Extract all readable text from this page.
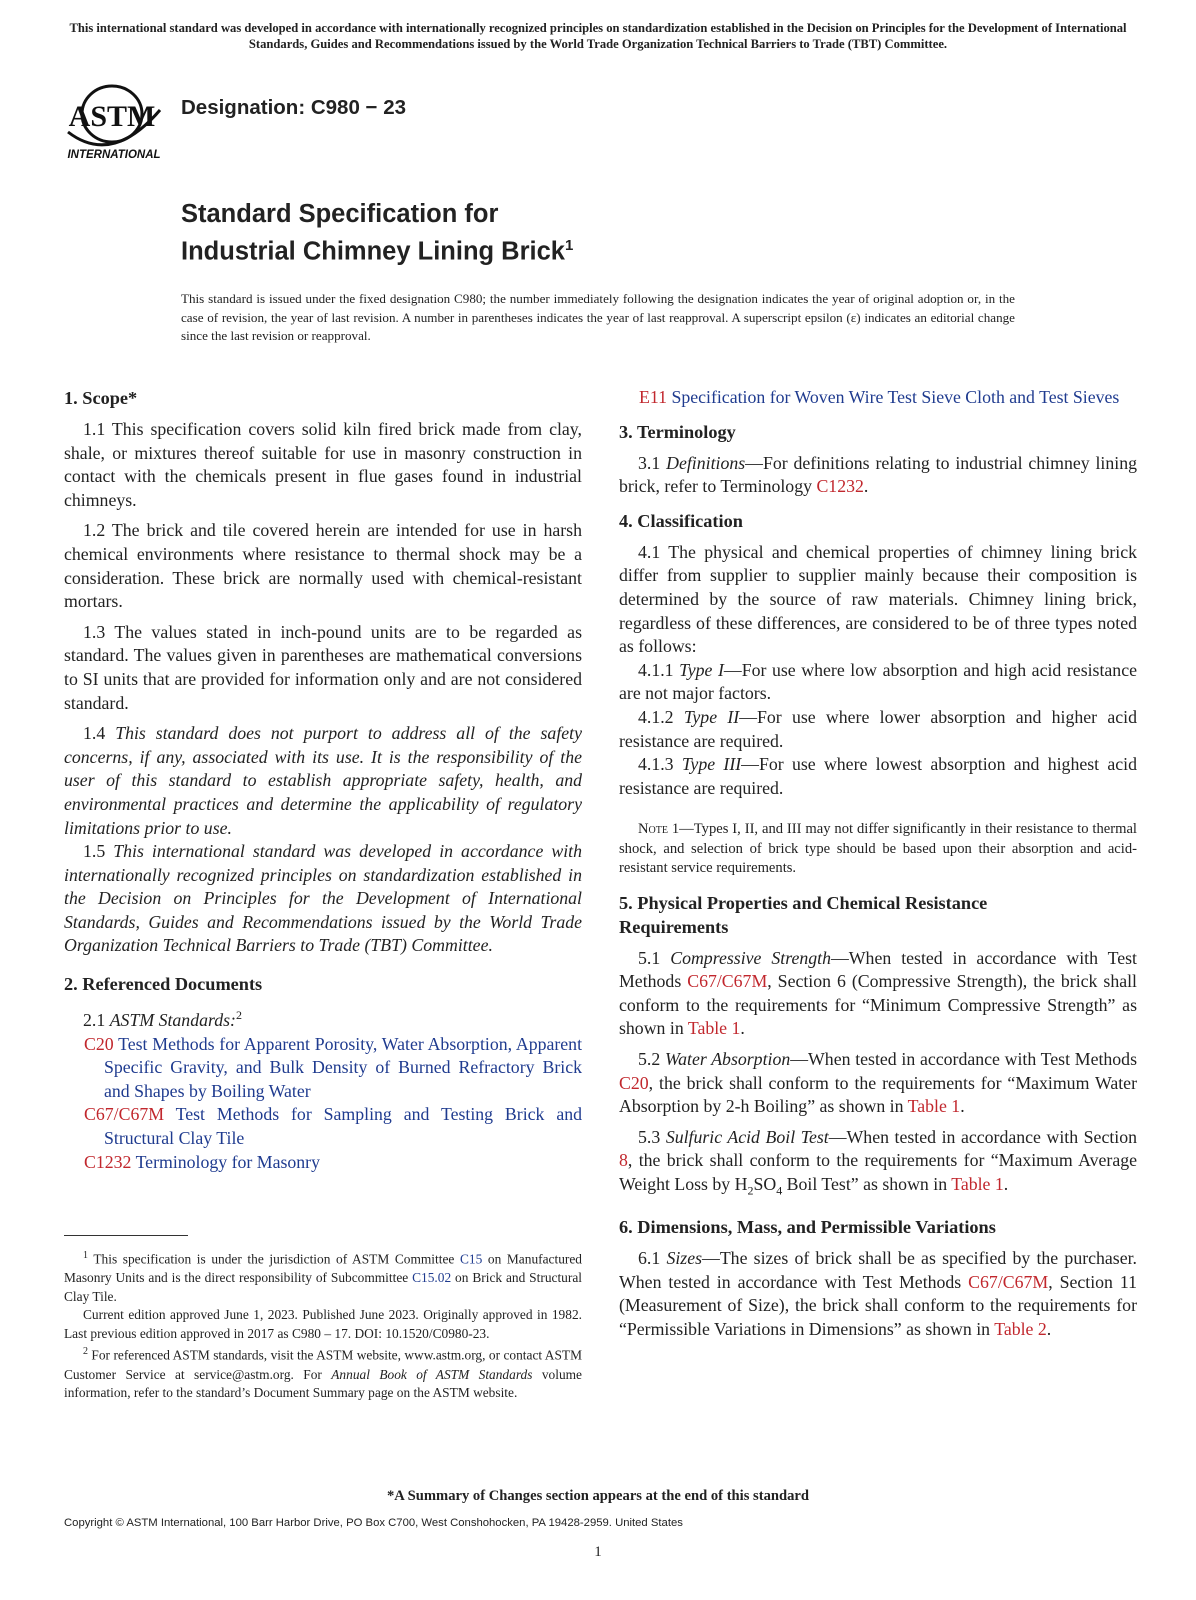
This international standard was developed in accordance with internationally recognized principles on standardization established in the Decision on Principles for the Development of International Standards, Guides and Recommendations issued by the World Trade Organization Technical Barriers to Trade (TBT) Committee.
ASTM
INTERNATIONAL
Designation: C980 − 23
Standard Specification for
Industrial Chimney Lining Brick$^1$
This standard is issued under the fixed designation C980; the number immediately following the designation indicates the year of original adoption or, in the case of revision, the year of last revision. A number in parentheses indicates the year of last reapproval. A superscript epsilon (ε) indicates an editorial change since the last revision or reapproval.
1. Scope*

1.1 This specification covers solid kiln fired brick made from clay, shale, or mixtures thereof suitable for use in masonry construction in contact with the chemicals present in flue gases found in industrial chimneys.

1.2 The brick and tile covered herein are intended for use in harsh chemical environments where resistance to thermal shock may be a consideration. These brick are normally used with chemical-resistant mortars.

1.3 The values stated in inch-pound units are to be regarded as standard. The values given in parentheses are mathematical conversions to SI units that are provided for information only and are not considered standard.

1.4 This standard does not purport to address all of the safety concerns, if any, associated with its use. It is the responsibility of the user of this standard to establish appropriate safety, health, and environmental practices and determine the applicability of regulatory limitations prior to use.

1.5 This international standard was developed in accordance with internationally recognized principles on standardization established in the Decision on Principles for the Development of International Standards, Guides and Recommendations issued by the World Trade Organization Technical Barriers to Trade (TBT) Committee.

2. Referenced Documents

2.1 ASTM Standards:$^2$

C20 Test Methods for Apparent Porosity, Water Absorption, Apparent Specific Gravity, and Bulk Density of Burned Refractory Brick and Shapes by Boiling Water

C67/C67M Test Methods for Sampling and Testing Brick and Structural Clay Tile

C1232 Terminology for Masonry

E11 Specification for Woven Wire Test Sieve Cloth and Test Sieves

3. Terminology

3.1 Definitions—For definitions relating to industrial chimney lining brick, refer to Terminology C1232.

4. Classification

4.1 The physical and chemical properties of chimney lining brick differ from supplier to supplier mainly because their composition is determined by the source of raw materials. Chimney lining brick, regardless of these differences, are considered to be of three types noted as follows:

4.1.1 Type I—For use where low absorption and high acid resistance are not major factors.

4.1.2 Type II—For use where lower absorption and higher acid resistance are required.

4.1.3 Type III—For use where lowest absorption and highest acid resistance are required.

Note 1—Types I, II, and III may not differ significantly in their resistance to thermal shock, and selection of brick type should be based upon their absorption and acid-resistant service requirements.

5. Physical Properties and Chemical Resistance
Requirements

5.1 Compressive Strength—When tested in accordance with Test Methods C67/C67M, Section 6 (Compressive Strength), the brick shall conform to the requirements for “Minimum Compressive Strength” as shown in Table 1.

5.2 Water Absorption—When tested in accordance with Test Methods C20, the brick shall conform to the requirements for “Maximum Water Absorption by 2-h Boiling” as shown in Table 1.

5.3 Sulfuric Acid Boil Test—When tested in accordance with Section 8, the brick shall conform to the requirements for “Maximum Average Weight Loss by $H_2SO_4$ Boil Test” as shown in Table 1.

6. Dimensions, Mass, and Permissible Variations

6.1 Sizes—The sizes of brick shall be as specified by the purchaser. When tested in accordance with Test Methods C67/C67M, Section 11 (Measurement of Size), the brick shall conform to the requirements for “Permissible Variations in Dimensions” as shown in Table 2.

$^1$ This specification is under the jurisdiction of ASTM Committee C15 on Manufactured Masonry Units and is the direct responsibility of Subcommittee C15.02 on Brick and Structural Clay Tile.

Current edition approved June 1, 2023. Published June 2023. Originally approved in 1982. Last previous edition approved in 2017 as C980 – 17. DOI: 10.1520/C0980-23.

$^2$ For referenced ASTM standards, visit the ASTM website, www.astm.org, or contact ASTM Customer Service at service@astm.org. For Annual Book of ASTM Standards volume information, refer to the standard’s Document Summary page on the ASTM website.

*A Summary of Changes section appears at the end of this standard
Copyright © ASTM International, 100 Barr Harbor Drive, PO Box C700, West Conshohocken, PA 19428-2959. United States
1
